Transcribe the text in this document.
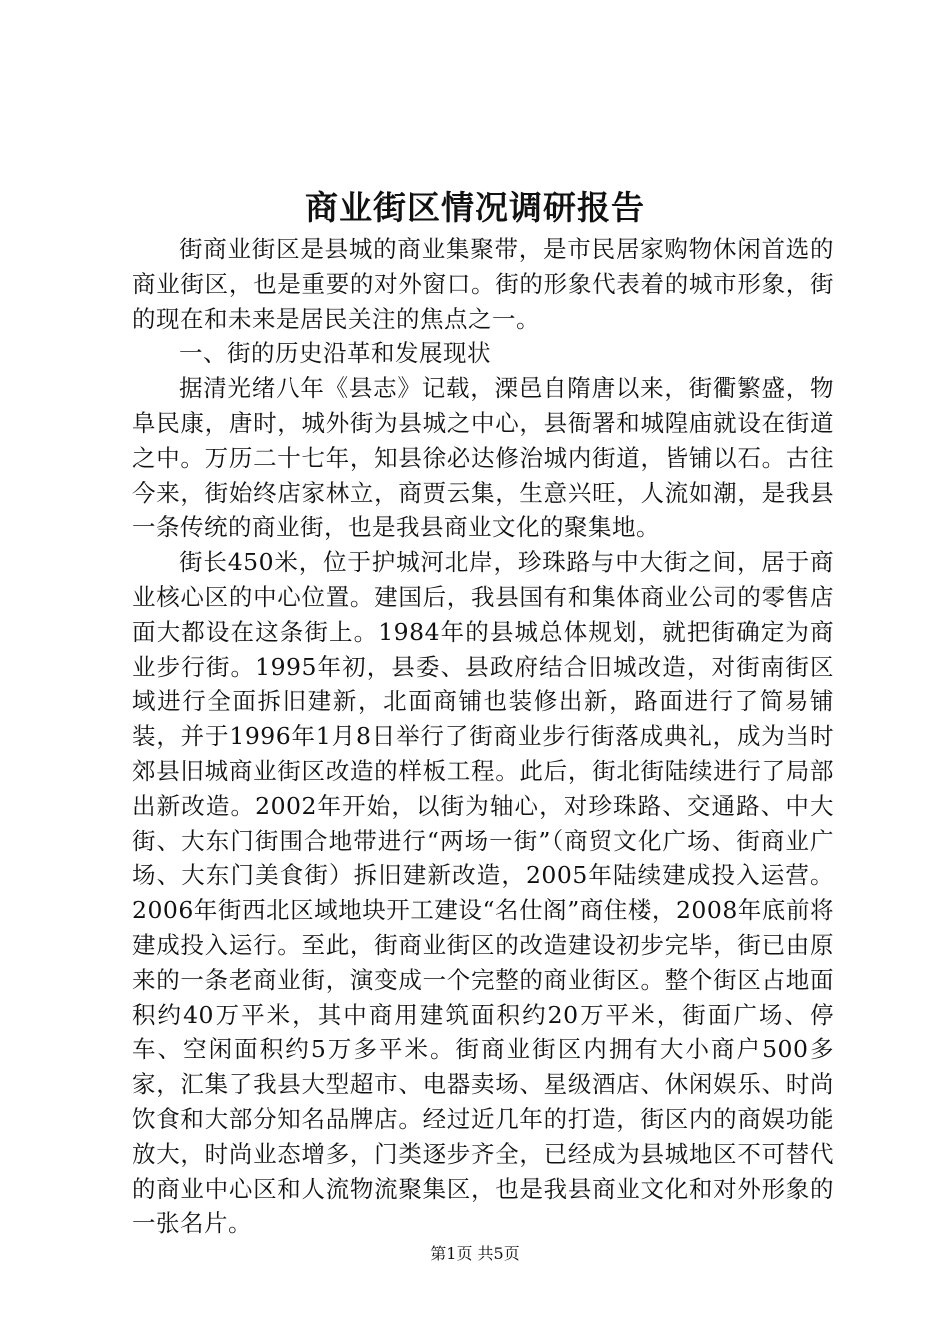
商业街区情况调研报告

街商业街区是县城的商业集聚带，是市民居家购物休闲首选的商业街区，也是重要的对外窗口。街的形象代表着的城市形象，街的现在和未来是居民关注的焦点之一。

一、街的历史沿革和发展现状

据清光绪八年《县志》记载，溧邑自隋唐以来，街衢繁盛，物阜民康，唐时，城外街为县城之中心，县衙署和城隍庙就设在街道之中。万历二十七年，知县徐必达修治城内街道，皆铺以石。古往今来，街始终店家林立，商贾云集，生意兴旺，人流如潮，是我县一条传统的商业街，也是我县商业文化的聚集地。

街长450米，位于护城河北岸，珍珠路与中大街之间，居于商业核心区的中心位置。建国后，我县国有和集体商业公司的零售店面大都设在这条街上。1984年的县城总体规划，就把街确定为商业步行街。1995年初，县委、县政府结合旧城改造，对街南街区域进行全面拆旧建新，北面商铺也装修出新，路面进行了简易铺装，并于1996年1月8日举行了街商业步行街落成典礼，成为当时郊县旧城商业街区改造的样板工程。此后，街北街陆续进行了局部出新改造。2002年开始，以街为轴心，对珍珠路、交通路、中大街、大东门街围合地带进行“两场一街”（商贸文化广场、街商业广场、大东门美食街）拆旧建新改造，2005年陆续建成投入运营。2006年街西北区域地块开工建设“名仕阁”商住楼，2008年底前将建成投入运行。至此，街商业街区的改造建设初步完毕，街已由原来的一条老商业街，演变成一个完整的商业街区。整个街区占地面积约40万平米，其中商用建筑面积约20万平米，街面广场、停车、空闲面积约5万多平米。街商业街区内拥有大小商户500多家，汇集了我县大型超市、电器卖场、星级酒店、休闲娱乐、时尚饮食和大部分知名品牌店。经过近几年的打造，街区内的商娱功能放大，时尚业态增多，门类逐步齐全，已经成为县城地区不可替代的商业中心区和人流物流聚集区，也是我县商业文化和对外形象的一张名片。

第1页 共5页
